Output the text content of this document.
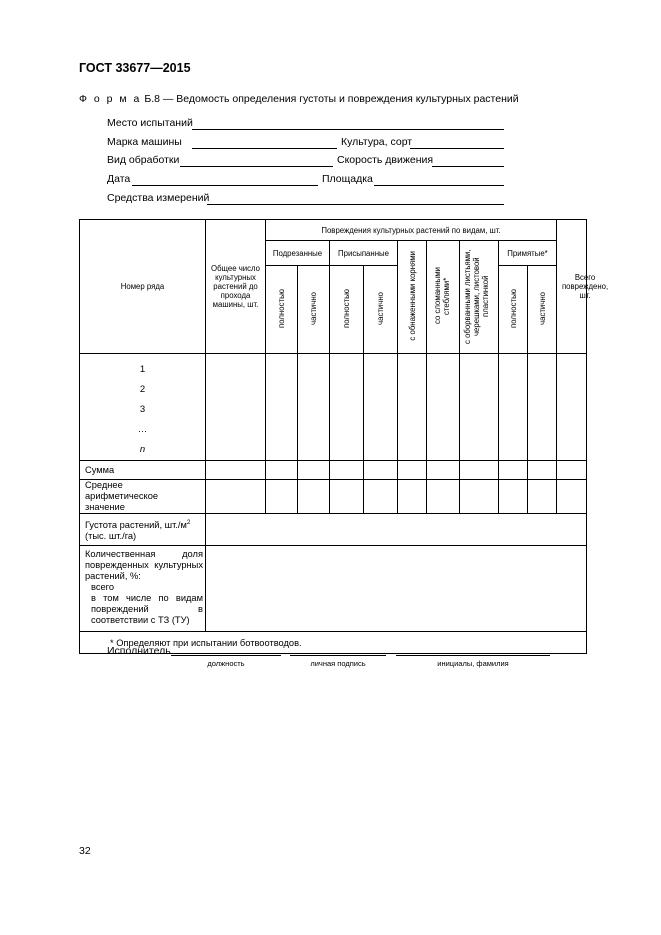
ГОСТ 33677—2015
Ф о р м а Б.8 — Ведомость определения густоты и повреждения культурных растений
Место испытаний
Марка машины	Культура, сорт
Вид обработки	Скорость движения
Дата	Площадка
Средства измерений
Номер ряда	Общее число культурных растений до прохода машины, шт.	Повреждения культурных растений по видам, шт.									Всего повреждено, шт.

		Подрезанные		Присыпанные		с обнаженными корнями	со сломанными стеблями*	с оборванными листьями, черешками, листовой пластинкой	Примятые*		
		полностью	частично	полностью	частично				полностью	частично	

1
2
3
…
n											

Сумма											

Среднее арифметическое значение											

Густота растений, $шт./м^2$
(тыс. шт./га)											

Количественная доля поврежденных культурных растений, %:
всего
в том числе по видам повреждений в соответствии с ТЗ (ТУ)											

* Определяют при испытании ботвоотводов.											
Исполнитель
должность	личная подпись	инициалы, фамилия
32
